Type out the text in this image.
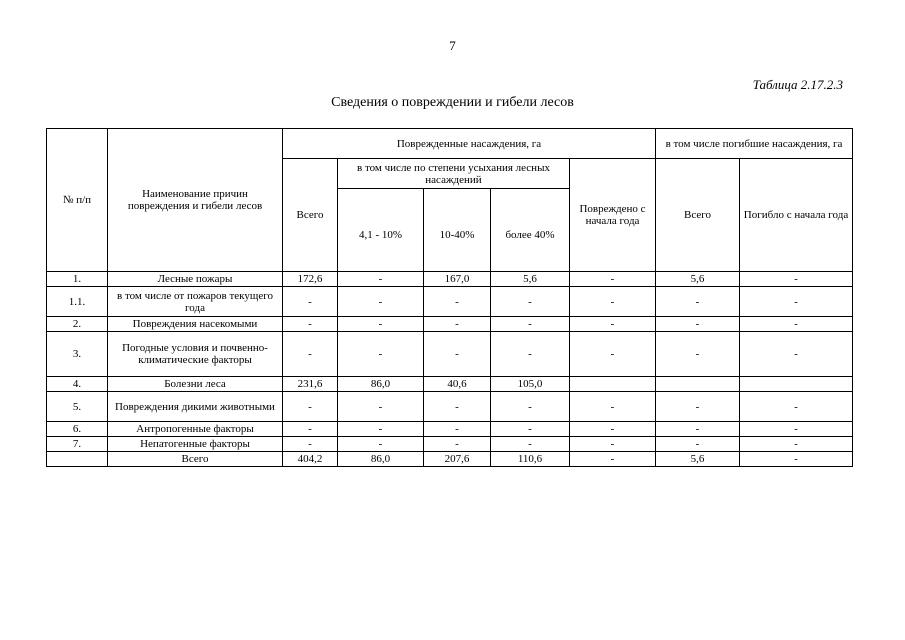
7
Таблица 2.17.2.3
Сведения о повреждении и гибели лесов
№ п/п	Наименование причин повреждения и гибели лесов	Поврежденные насаждения, га					в том числе погибшие насаждения, га	
		Всего	в том числе по степени усыхания лесных насаждений			Повреждено с начала года	Всего	Погибло с начала года
			4,1 - 10%	10-40%	более 40%			
1.	Лесные пожары	172,6	-	167,0	5,6	-	5,6	-
1.1.	в том числе от пожаров текущего года	-	-	-	-	-	-	-
2.	Повреждения насекомыми	-	-	-	-	-	-	-
3.	Погодные условия и почвенно-климатические факторы	-	-	-	-	-	-	-
4.	Болезни леса	231,6	86,0	40,6	105,0			
5.	Повреждения дикими животными	-	-	-	-	-	-	-
6.	Антропогенные факторы	-	-	-	-	-	-	-
7.	Непатогенные факторы	-	-	-	-	-	-	-
	Всего	404,2	86,0	207,6	110,6	-	5,6	-
